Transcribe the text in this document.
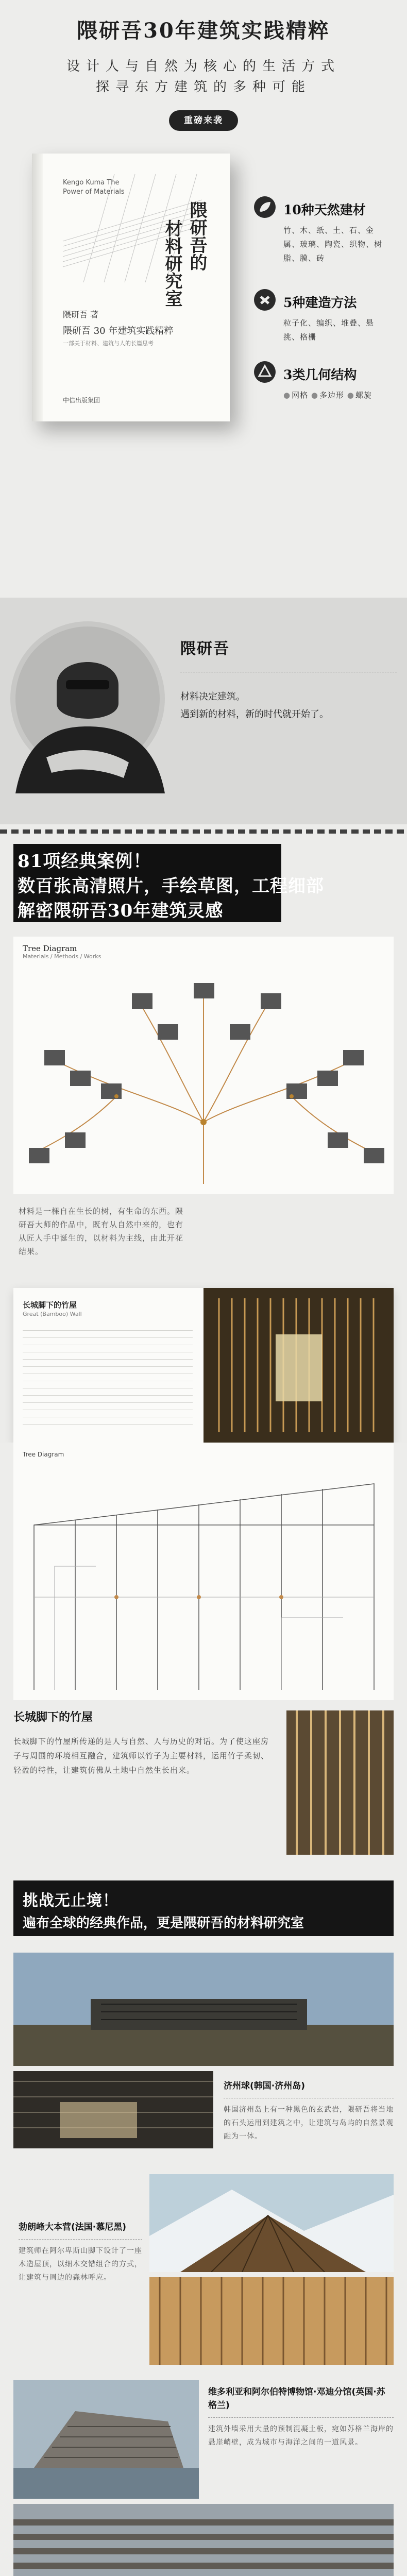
隈研吾30年建筑实践精粹
设计人与自然为核心的生活方式
探寻东方建筑的多种可能
重磅来袭
Kengo Kuma The Power of Materials
隈研吾的
材料研究室
隈研吾 著
隈研吾 30 年建筑实践精粹
一部关于材料、建筑与人的长篇思考
中信出版集团
10种天然建材
竹、木、纸、土、石、金属、玻璃、陶瓷、织物、树脂、膜、砖
5种建造方法
粒子化、编织、堆叠、悬挑、格栅
3类几何结构
● 网格 ● 多边形 ● 螺旋
隈研吾
材料决定建筑。
遇到新的材料，新的时代就开始了。
81项经典案例！
数百张高清照片，手绘草图，工程细部
解密隈研吾30年建筑灵感
Tree Diagram
Materials / Methods / Works
材料是一棵自在生长的树，有生命的东西。隈研吾大师的作品中，既有从自然中来的，也有从匠人手中诞生的，以材料为主线，由此开花结果。
长城脚下的竹屋
Great (Bamboo) Wall
Tree Diagram
长城脚下的竹屋
长城脚下的竹屋所传递的是人与自然、人与历史的对话。为了使这座房子与周围的环境相互融合，建筑师以竹子为主要材料，运用竹子柔韧、轻盈的特性，让建筑仿佛从土地中自然生长出来。
挑战无止境！
遍布全球的经典作品，更是隈研吾的材料研究室
济州球(韩国·济州岛)
韩国济州岛上有一种黑色的玄武岩，隈研吾将当地的石头运用到建筑之中，让建筑与岛屿的自然景观融为一体。
勃朗峰大本营(法国·慕尼黑)
建筑师在阿尔卑斯山脚下设计了一座木造屋顶，以细木交错组合的方式，让建筑与周边的森林呼应。
维多利亚和阿尔伯特博物馆·邓迪分馆(英国·苏格兰)
建筑外墙采用大量的预制混凝土板，宛如苏格兰海岸的悬崖峭壁，成为城市与海洋之间的一道风景。
